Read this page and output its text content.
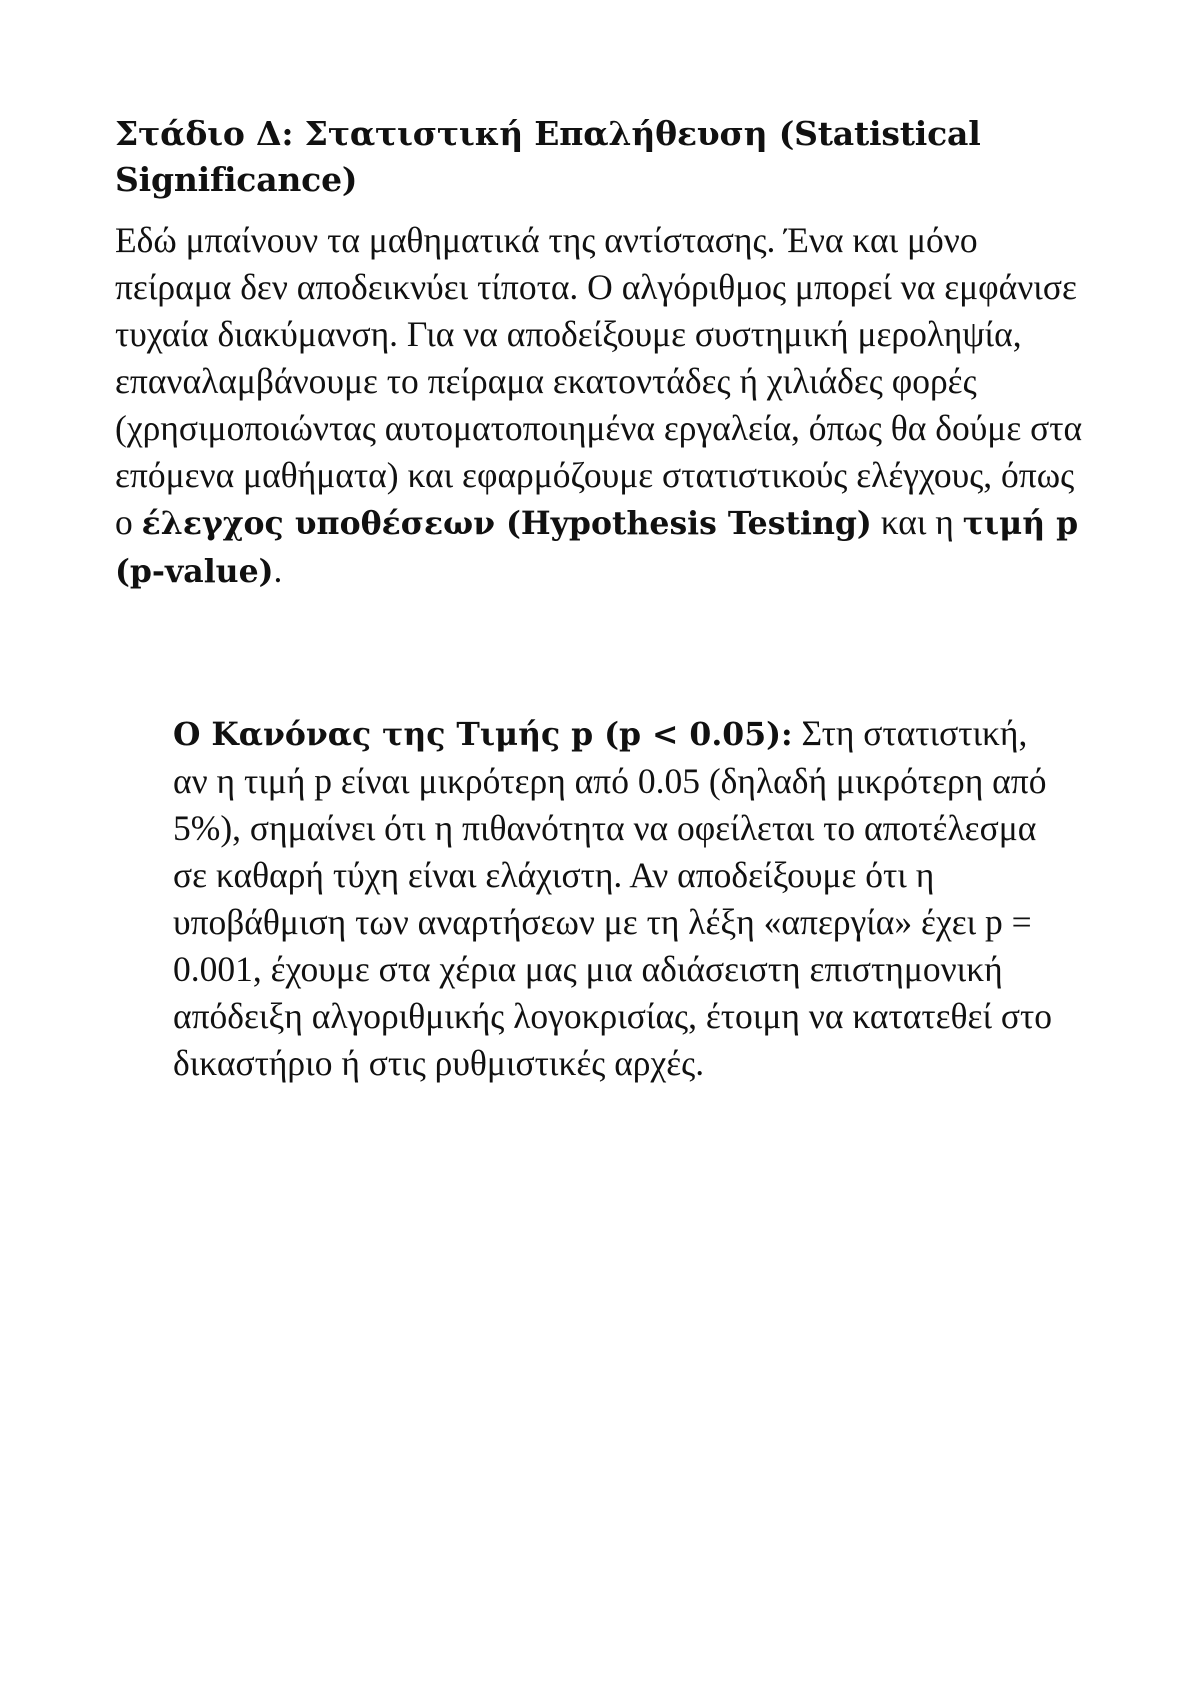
Στάδιο Δ: Στατιστική Επαλήθευση (Statistical Significance)

Εδώ μπαίνουν τα μαθηματικά της αντίστασης. Ένα και μόνο πείραμα δεν αποδεικνύει τίποτα. Ο αλγόριθμος μπορεί να εμφάνισε τυχαία διακύμανση. Για να αποδείξουμε συστημική μεροληψία, επαναλαμβάνουμε το πείραμα εκατοντάδες ή χιλιάδες φορές (χρησιμοποιώντας αυτοματοποιημένα εργαλεία, όπως θα δούμε στα επόμενα μαθήματα) και εφαρμόζουμε στατιστικούς ελέγχους, όπως ο έλεγχος υποθέσεων (Hypothesis Testing) και η τιμή p (p-value).

Ο Κανόνας της Τιμής p (p < 0.05): Στη στατιστική, αν η τιμή p είναι μικρότερη από 0.05 (δηλαδή μικρότερη από 5%), σημαίνει ότι η πιθανότητα να οφείλεται το αποτέλεσμα σε καθαρή τύχη είναι ελάχιστη. Αν αποδείξουμε ότι η υποβάθμιση των αναρτήσεων με τη λέξη «απεργία» έχει p = 0.001, έχουμε στα χέρια μας μια αδιάσειστη επιστημονική απόδειξη αλγοριθμικής λογοκρισίας, έτοιμη να κατατεθεί στο δικαστήριο ή στις ρυθμιστικές αρχές.
